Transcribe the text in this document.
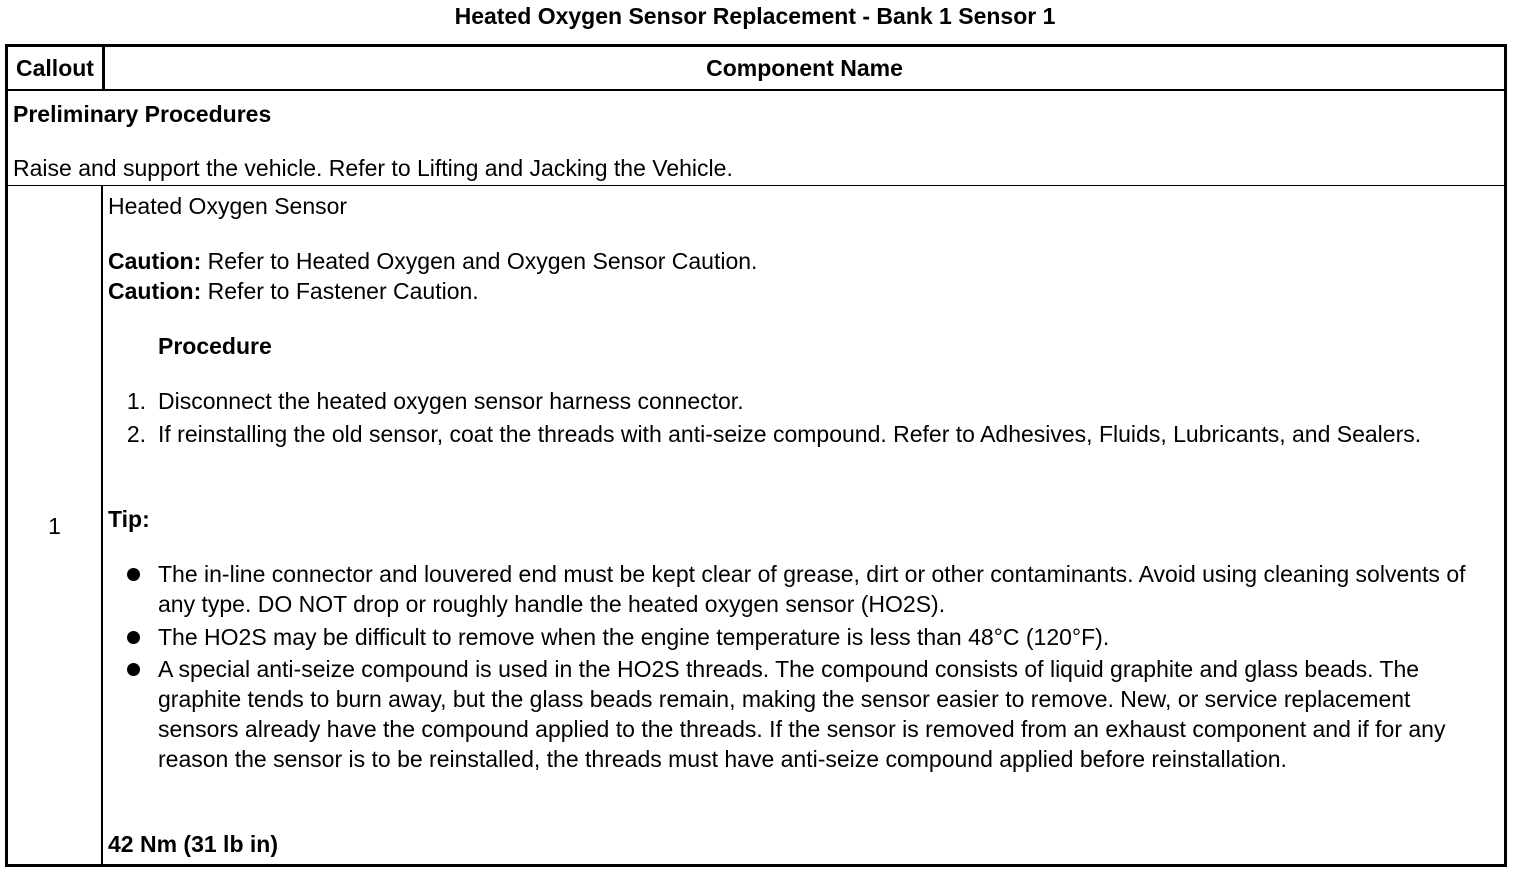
Heated Oxygen Sensor Replacement - Bank 1 Sensor 1
Callout	Component Name
Preliminary Procedures
Raise and support the vehicle. Refer to Lifting and Jacking the Vehicle.
1
Heated Oxygen Sensor
Caution: Refer to Heated Oxygen and Oxygen Sensor Caution.
Caution: Refer to Fastener Caution.
Procedure
1. Disconnect the heated oxygen sensor harness connector.
2. If reinstalling the old sensor, coat the threads with anti-seize compound. Refer to Adhesives, Fluids, Lubricants, and Sealers.
Tip:
The in-line connector and louvered end must be kept clear of grease, dirt or other contaminants. Avoid using cleaning solvents of any type. DO NOT drop or roughly handle the heated oxygen sensor (HO2S).
The HO2S may be difficult to remove when the engine temperature is less than 48°C (120°F).
A special anti-seize compound is used in the HO2S threads. The compound consists of liquid graphite and glass beads. The graphite tends to burn away, but the glass beads remain, making the sensor easier to remove. New, or service replacement sensors already have the compound applied to the threads. If the sensor is removed from an exhaust component and if for any reason the sensor is to be reinstalled, the threads must have anti-seize compound applied before reinstallation.
42 Nm (31 lb in)
